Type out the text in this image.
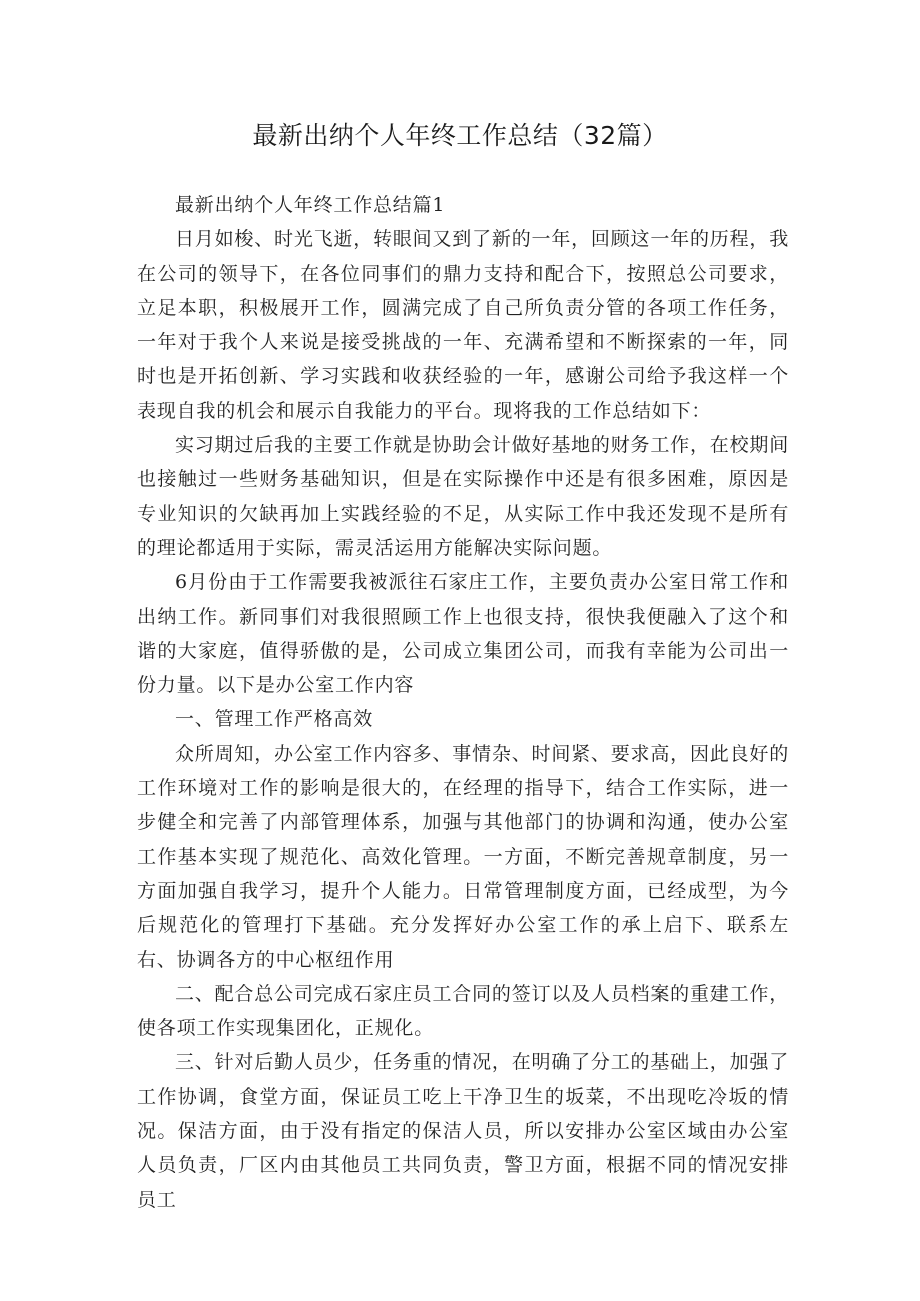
最新出纳个人年终工作总结（32篇）

最新出纳个人年终工作总结篇1

日月如梭、时光飞逝，转眼间又到了新的一年，回顾这一年的历程，我在公司的领导下，在各位同事们的鼎力支持和配合下，按照总公司要求，立足本职，积极展开工作，圆满完成了自己所负责分管的各项工作任务，一年对于我个人来说是接受挑战的一年、充满希望和不断探索的一年，同时也是开拓创新、学习实践和收获经验的一年，感谢公司给予我这样一个表现自我的机会和展示自我能力的平台。现将我的工作总结如下：

实习期过后我的主要工作就是协助会计做好基地的财务工作，在校期间也接触过一些财务基础知识，但是在实际操作中还是有很多困难，原因是专业知识的欠缺再加上实践经验的不足，从实际工作中我还发现不是所有的理论都适用于实际，需灵活运用方能解决实际问题。

6月份由于工作需要我被派往石家庄工作，主要负责办公室日常工作和出纳工作。新同事们对我很照顾工作上也很支持，很快我便融入了这个和谐的大家庭，值得骄傲的是，公司成立集团公司，而我有幸能为公司出一份力量。以下是办公室工作内容

一、管理工作严格高效

众所周知，办公室工作内容多、事情杂、时间紧、要求高，因此良好的工作环境对工作的影响是很大的，在经理的指导下，结合工作实际，进一步健全和完善了内部管理体系，加强与其他部门的协调和沟通，使办公室工作基本实现了规范化、高效化管理。一方面，不断完善规章制度，另一方面加强自我学习，提升个人能力。日常管理制度方面，已经成型，为今后规范化的管理打下基础。充分发挥好办公室工作的承上启下、联系左右、协调各方的中心枢纽作用

二、配合总公司完成石家庄员工合同的签订以及人员档案的重建工作，使各项工作实现集团化，正规化。

三、针对后勤人员少，任务重的情况，在明确了分工的基础上，加强了工作协调，食堂方面，保证员工吃上干净卫生的坂菜，不出现吃冷坂的情况。保洁方面，由于没有指定的保洁人员，所以安排办公室区域由办公室人员负责，厂区内由其他员工共同负责，警卫方面，根据不同的情况安排员工
